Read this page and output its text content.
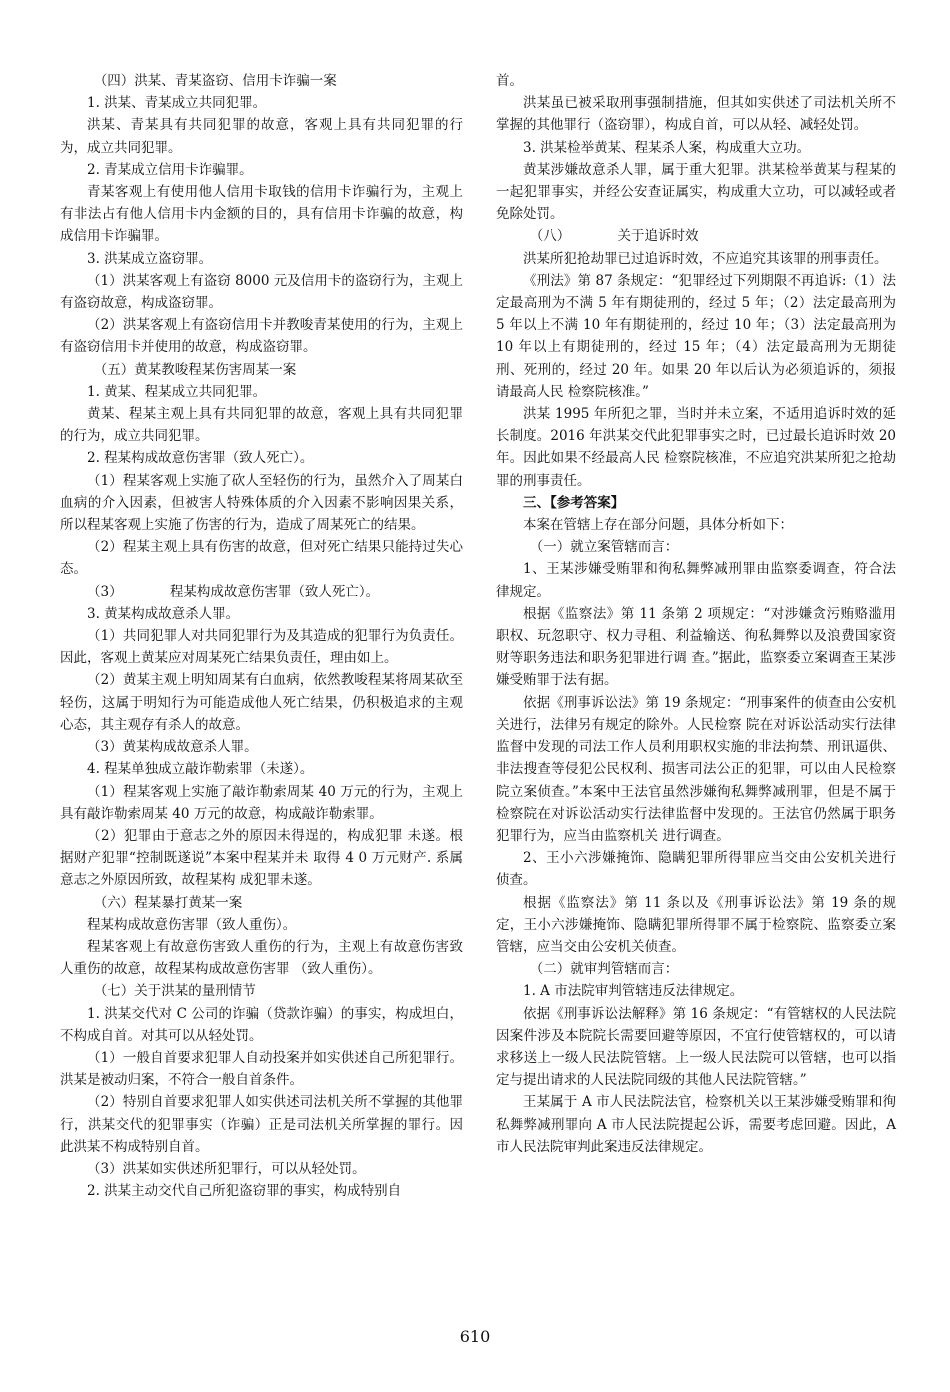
（四）洪某、青某盗窃、信用卡诈骗一案

1. 洪某、青某成立共同犯罪。

洪某、青某具有共同犯罪的故意，客观上具有共同犯罪的行为，成立共同犯罪。

2. 青某成立信用卡诈骗罪。

青某客观上有使用他人信用卡取钱的信用卡诈骗行为，主观上有非法占有他人信用卡内金额的目的，具有信用卡诈骗的故意，构成信用卡诈骗罪。

3. 洪某成立盗窃罪。

（1）洪某客观上有盗窃 8000 元及信用卡的盗窃行为，主观上有盗窃故意，构成盗窃罪。

（2）洪某客观上有盗窃信用卡并教唆青某使用的行为，主观上有盗窃信用卡并使用的故意，构成盗窃罪。

（五）黄某教唆程某伤害周某一案

1. 黄某、程某成立共同犯罪。

黄某、程某主观上具有共同犯罪的故意，客观上具有共同犯罪的行为，成立共同犯罪。

2. 程某构成故意伤害罪（致人死亡）。

（1）程某客观上实施了砍人至轻伤的行为，虽然介入了周某白血病的介入因素，但被害人特殊体质的介入因素不影响因果关系，所以程某客观上实施了伤害的行为，造成了周某死亡的结果。

（2）程某主观上具有伤害的故意，但对死亡结果只能持过失心态。

（3）　　　　程某构成故意伤害罪（致人死亡）。

3. 黄某构成故意杀人罪。

（1）共同犯罪人对共同犯罪行为及其造成的犯罪行为负责任。因此，客观上黄某应对周某死亡结果负责任，理由如上。

（2）黄某主观上明知周某有白血病，依然教唆程某将周某砍至轻伤，这属于明知行为可能造成他人死亡结果，仍积极追求的主观心态，其主观存有杀人的故意。

（3）黄某构成故意杀人罪。

4. 程某单独成立敲诈勒索罪（未遂）。

（1）程某客观上实施了敲诈勒索周某 40 万元的行为，主观上具有敲诈勒索周某 40 万元的故意，构成敲诈勒索罪。

（2）犯罪由于意志之外的原因未得逞的，构成犯罪 未遂。根据财产犯罪“控制既遂说”本案中程某并未 取得 4 0 万元财产. 系属意志之外原因所致，故程某构 成犯罪未遂。

（六）程某暴打黄某一案

程某构成故意伤害罪（致人重伤）。

程某客观上有故意伤害致人重伤的行为，主观上有故意伤害致人重伤的故意，故程某构成故意伤害罪 （致人重伤）。

（七）关于洪某的量刑情节

1. 洪某交代对 C 公司的诈骗（贷款诈骗）的事实，构成坦白，不构成自首。对其可以从轻处罚。

（1）一般自首要求犯罪人自动投案并如实供述自己所犯罪行。洪某是被动归案，不符合一般自首条件。

（2）特别自首要求犯罪人如实供述司法机关所不掌握的其他罪行，洪某交代的犯罪事实（诈骗）正是司法机关所掌握的罪行。因此洪某不构成特别自首。

（3）洪某如实供述所犯罪行，可以从轻处罚。

2. 洪某主动交代自己所犯盗窃罪的事实，构成特别自

首。

洪某虽已被采取刑事强制措施，但其如实供述了司法机关所不掌握的其他罪行（盗窃罪），构成自首，可以从轻、减轻处罚。

3. 洪某检举黄某、程某杀人案，构成重大立功。

黄某涉嫌故意杀人罪，属于重大犯罪。洪某检举黄某与程某的一起犯罪事实，并经公安查证属实，构成重大立功，可以减轻或者免除处罚。

（八）　　　　关于追诉时效

洪某所犯抢劫罪已过追诉时效，不应追究其该罪的刑事责任。

《刑法》第 87 条规定：“犯罪经过下列期限不再追诉:（1）法定最高刑为不满 5 年有期徒刑的，经过 5 年；（2）法定最高刑为 5 年以上不满 10 年有期徒刑的，经过 10 年；（3）法定最高刑为 10 年以上有期徒刑的，经过 15 年；（4）法定最高刑为无期徒刑、死刑的，经过 20 年。如果 20 年以后认为必须追诉的，须报请最高人民 检察院核准。”

洪某 1995 年所犯之罪，当时并未立案，不适用追诉时效的延长制度。2016 年洪某交代此犯罪事实之时，已过最长追诉时效 20 年。因此如果不经最高人民 检察院核准，不应追究洪某所犯之抢劫罪的刑事责任。

三、【参考答案】

本案在管辖上存在部分问题，具体分析如下：

（一）就立案管辖而言：

1、王某涉嫌受贿罪和徇私舞弊减刑罪由监察委调查，符合法律规定。

根据《监察法》第 11 条第 2 项规定：“对涉嫌贪污贿赂滥用职权、玩忽职守、权力寻租、利益输送、徇私舞弊以及浪费国家资财等职务违法和职务犯罪进行调 查。”据此，监察委立案调查王某涉嫌受贿罪于法有据。

依据《刑事诉讼法》第 19 条规定：“刑事案件的侦查由公安机关进行，法律另有规定的除外。人民检察 院在对诉讼活动实行法律监督中发现的司法工作人员利用职权实施的非法拘禁、刑讯逼供、非法搜查等侵犯公民权利、损害司法公正的犯罪，可以由人民检察院立案侦查。”本案中王法官虽然涉嫌徇私舞弊减刑罪，但是不属于检察院在对诉讼活动实行法律监督中发现的。王法官仍然属于职务犯罪行为，应当由监察机关 进行调查。

2、王小六涉嫌掩饰、隐瞒犯罪所得罪应当交由公安机关进行侦查。

根据《监察法》第 11 条以及《刑事诉讼法》第 19 条的规定，王小六涉嫌掩饰、隐瞒犯罪所得罪不属于检察院、监察委立案管辖，应当交由公安机关侦查。

（二）就审判管辖而言：

1. A 市法院审判管辖违反法律规定。

依据《刑事诉讼法解释》第 16 条规定：“有管辖权的人民法院因案件涉及本院院长需要回避等原因，不宜行使管辖权的，可以请求移送上一级人民法院管辖。上一级人民法院可以管辖，也可以指定与提出请求的人民法院同级的其他人民法院管辖。”

王某属于 A 市人民法院法官，检察机关以王某涉嫌受贿罪和徇私舞弊减刑罪向 A 市人民法院提起公诉，需要考虑回避。因此，A 市人民法院审判此案违反法律规定。

610
